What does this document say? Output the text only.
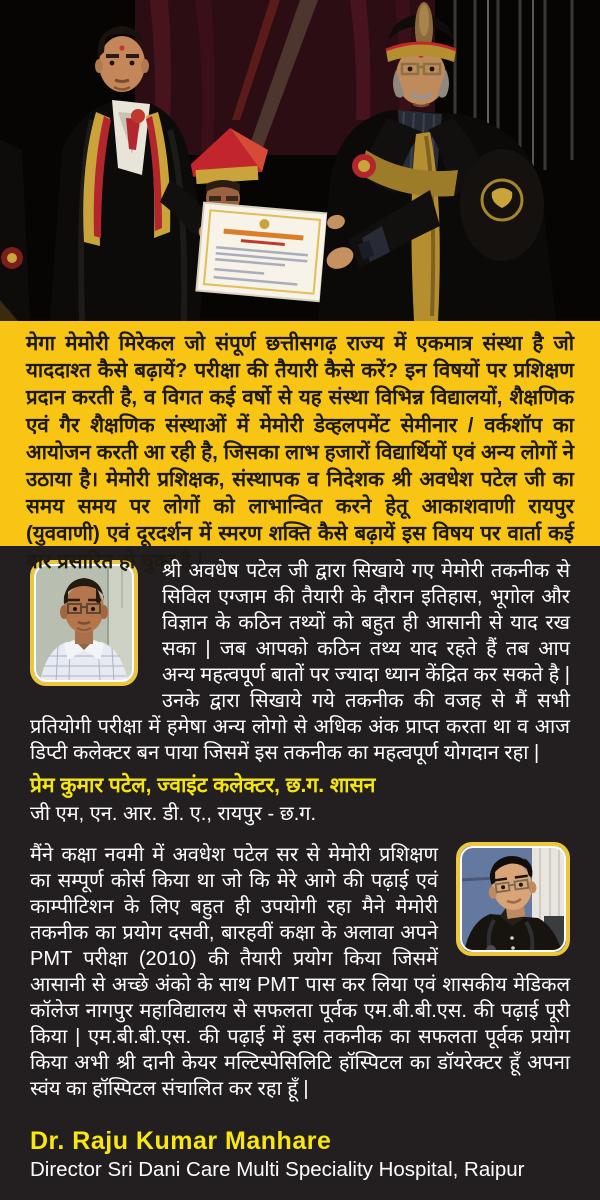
मेगा मेमोरी मिरेकल जो संपूर्ण छत्तीसगढ़ राज्य में एकमात्र संस्था है जो याददाश्त कैसे बढ़ायें? परीक्षा की तैयारी कैसे करें? इन विषयों पर प्रशिक्षण प्रदान करती है, व विगत कई वर्षो से यह संस्था विभिन्न विद्यालयों, शैक्षणिक एवं गैर शैक्षणिक संस्थाओं में मेमोरी डेव्हलपमेंट सेमीनार / वर्कशॉप का आयोजन करती आ रही है, जिसका लाभ हजारों विद्यार्थियों एवं अन्य लोगों ने उठाया है। मेमोरी प्रशिक्षक, संस्थापक व निदेशक श्री अवधेश पटेल जी का समय समय पर लोगों को लाभान्वित करने हेतू आकाशवाणी रायपुर (युववाणी) एवं दूरदर्शन में स्मरण शक्ति कैसे बढ़ायें इस विषय पर वार्ता कई बार प्रसारित हो चुका है |

श्री अवधेष पटेल जी द्वारा सिखाये गए मेमोरी तकनीक से सिविल एग्जाम की तैयारी के दौरान इतिहास, भूगोल और विज्ञान के कठिन तथ्यों को बहुत ही आसानी से याद रख सका | जब आपको कठिन तथ्य याद रहते हैं तब आप अन्य महत्वपूर्ण बातों पर ज्यादा ध्यान केंद्रित कर सकते है | उनके द्वारा सिखाये गये तकनीक की वजह से मैं सभी प्रतियोगी परीक्षा में हमेषा अन्य लोगो से अधिक अंक प्राप्त करता था व आज डिप्टी कलेक्टर बन पाया जिसमें इस तकनीक का महत्वपूर्ण योगदान रहा |

प्रेम कुमार पटेल, ज्वाइंट कलेक्टर, छ.ग. शासन

जी एम, एन. आर. डी. ए., रायपुर - छ.ग.

मैंने कक्षा नवमी में अवधेश पटेल सर से मेमोरी प्रशिक्षण का सम्पूर्ण कोर्स किया था जो कि मेरे आगे की पढ़ाई एवं काम्पीटिशन के लिए बहुत ही उपयोगी रहा मैने मेमोरी तकनीक का प्रयोग दसवी, बारहवीं कक्षा के अलावा अपने PMT परीक्षा (2010) की तैयारी प्रयोग किया जिसमें आसानी से अच्छे अंको के साथ PMT पास कर लिया एवं शासकीय मेडिकल कॉलेज नागपुर महाविद्यालय से सफलता पूर्वक एम.बी.बी.एस. की पढ़ाई पूरी किया | एम.बी.बी.एस. की पढ़ाई में इस तकनीक का सफलता पूर्वक प्रयोग किया अभी श्री दानी केयर मल्टिस्पेसिलिटि हॉस्पिटल का डॉयरेक्टर हूँ अपना स्वंय का हॉस्पिटल संचालित कर रहा हूँ |

Dr. Raju Kumar Manhare

Director Sri Dani Care Multi Speciality Hospital, Raipur
